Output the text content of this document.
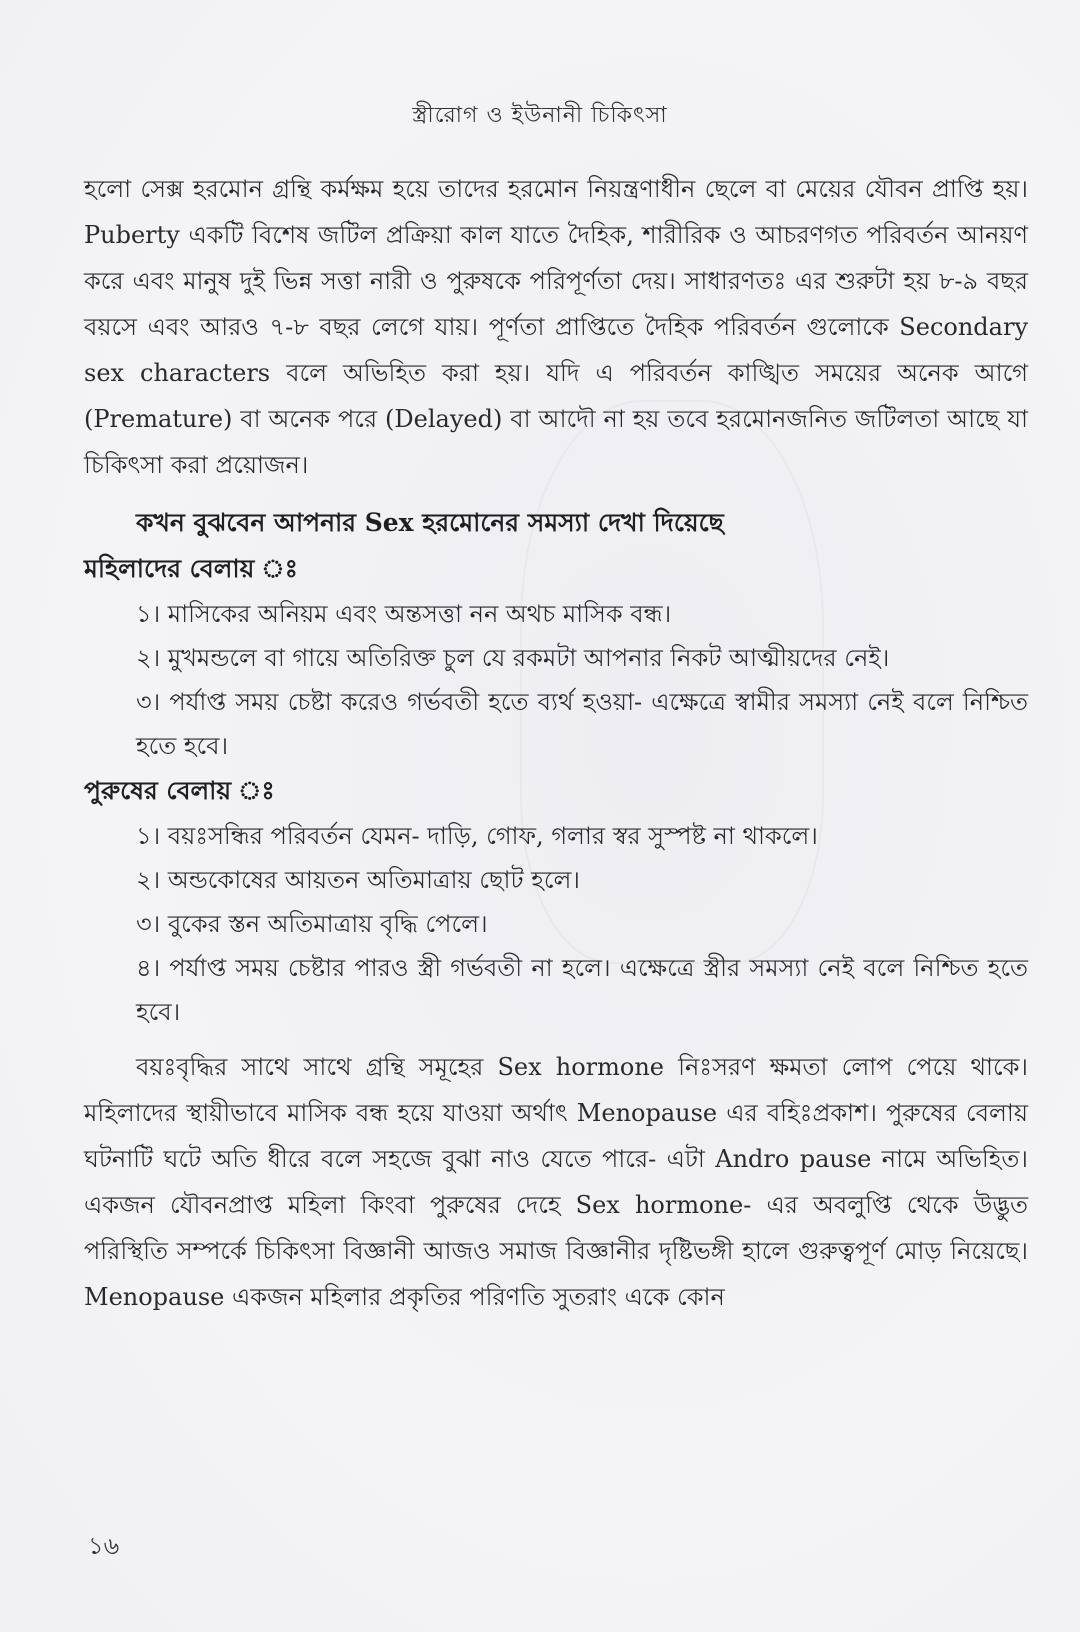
স্ত্রীরোগ ও ইউনানী চিকিৎসা

হলো সেক্স হরমোন গ্রন্থি কর্মক্ষম হয়ে তাদের হরমোন নিয়ন্ত্রণাধীন ছেলে বা মেয়ের যৌবন প্রাপ্তি হয়। Puberty একটি বিশেষ জটিল প্রক্রিয়া কাল যাতে দৈহিক, শারীরিক ও আচরণগত পরিবর্তন আনয়ণ করে এবং মানুষ দুই ভিন্ন সত্তা নারী ও পুরুষকে পরিপূর্ণতা দেয়। সাধারণতঃ এর শুরুটা হয় ৮-৯ বছর বয়সে এবং আরও ৭-৮ বছর লেগে যায়। পূর্ণতা প্রাপ্তিতে দৈহিক পরিবর্তন গুলোকে Secondary sex characters বলে অভিহিত করা হয়। যদি এ পরিবর্তন কাঙ্খিত সময়ের অনেক আগে (Premature) বা অনেক পরে (Delayed) বা আদৌ না হয় তবে হরমোনজনিত জটিলতা আছে যা চিকিৎসা করা প্রয়োজন।

কখন বুঝবেন আপনার Sex হরমোনের সমস্যা দেখা দিয়েছে
মহিলাদের বেলায় ঃ

১। মাসিকের অনিয়ম এবং অন্তসত্তা নন অথচ মাসিক বন্ধ।

২। মুখমন্ডলে বা গায়ে অতিরিক্ত চুল যে রকমটা আপনার নিকট আত্মীয়দের নেই।

৩। পর্যাপ্ত সময় চেষ্টা করেও গর্ভবতী হতে ব্যর্থ হওয়া- এক্ষেত্রে স্বামীর সমস্যা নেই বলে নিশ্চিত হতে হবে।

পুরুষের বেলায় ঃ

১। বয়ঃসন্ধির পরিবর্তন যেমন- দাড়ি, গোফ, গলার স্বর সুস্পষ্ট না থাকলে।

২। অন্ডকোষের আয়তন অতিমাত্রায় ছোট হলে।

৩। বুকের স্তন অতিমাত্রায় বৃদ্ধি পেলে।

৪। পর্যাপ্ত সময় চেষ্টার পারও স্ত্রী গর্ভবতী না হলে। এক্ষেত্রে স্ত্রীর সমস্যা নেই বলে নিশ্চিত হতে হবে।

বয়ঃবৃদ্ধির সাথে সাথে গ্রন্থি সমূহের Sex hormone নিঃসরণ ক্ষমতা লোপ পেয়ে থাকে। মহিলাদের স্থায়ীভাবে মাসিক বন্ধ হয়ে যাওয়া অর্থাৎ Menopause এর বহিঃপ্রকাশ। পুরুষের বেলায় ঘটনাটি ঘটে অতি ধীরে বলে সহজে বুঝা নাও যেতে পারে- এটা Andro pause নামে অভিহিত। একজন যৌবনপ্রাপ্ত মহিলা কিংবা পুরুষের দেহে Sex hormone- এর অবলুপ্তি থেকে উদ্ভুত পরিস্থিতি সম্পর্কে চিকিৎসা বিজ্ঞানী আজও সমাজ বিজ্ঞানীর দৃষ্টিভঙ্গী হালে গুরুত্বপূর্ণ মোড় নিয়েছে। Menopause একজন মহিলার প্রকৃতির পরিণতি সুতরাং একে কোন

১৬
